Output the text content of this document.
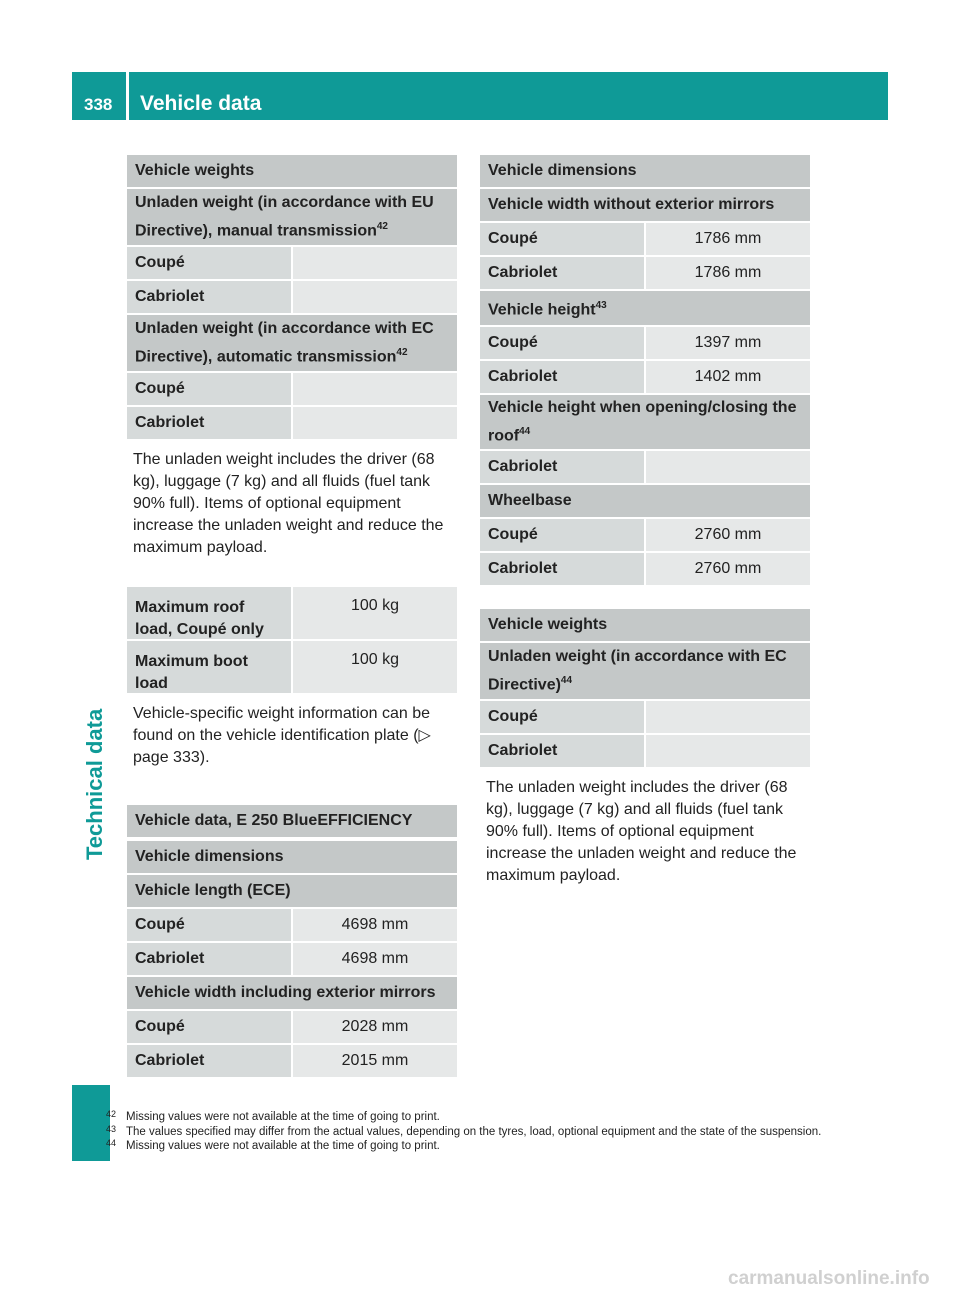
338	Vehicle data
Technical data
Vehicle weights
Unladen weight (in accordance with EU Directive), manual transmission$^{42}$
Coupé
Cabriolet
Unladen weight (in accordance with EC Directive), automatic transmission$^{42}$
Coupé
Cabriolet
The unladen weight includes the driver (68 kg), luggage (7 kg) and all fluids (fuel tank 90% full). Items of optional equipment increase the unladen weight and reduce the maximum payload.
Maximum roof load, Coupé only
100 kg
Maximum boot load
100 kg
Vehicle-specific weight information can be found on the vehicle identification plate (▷ page 333).
Vehicle data, E 250 BlueEFFICIENCY
Vehicle dimensions
Vehicle length (ECE)
Coupé	4698 mm
Cabriolet	4698 mm
Vehicle width including exterior mirrors
Coupé	2028 mm
Cabriolet	2015 mm
Vehicle dimensions
Vehicle width without exterior mirrors
Coupé	1786 mm
Cabriolet	1786 mm
Vehicle height$^{43}$
Coupé	1397 mm
Cabriolet	1402 mm
Vehicle height when opening/closing the roof$^{44}$
Cabriolet
Wheelbase
Coupé	2760 mm
Cabriolet	2760 mm
Vehicle weights
Unladen weight (in accordance with EC Directive)$^{44}$
Coupé
Cabriolet
The unladen weight includes the driver (68 kg), luggage (7 kg) and all fluids (fuel tank 90% full). Items of optional equipment increase the unladen weight and reduce the maximum payload.
42 Missing values were not available at the time of going to print.
43 The values specified may differ from the actual values, depending on the tyres, load, optional equipment and the state of the suspension.
44 Missing values were not available at the time of going to print.
carmanualsonline.info
